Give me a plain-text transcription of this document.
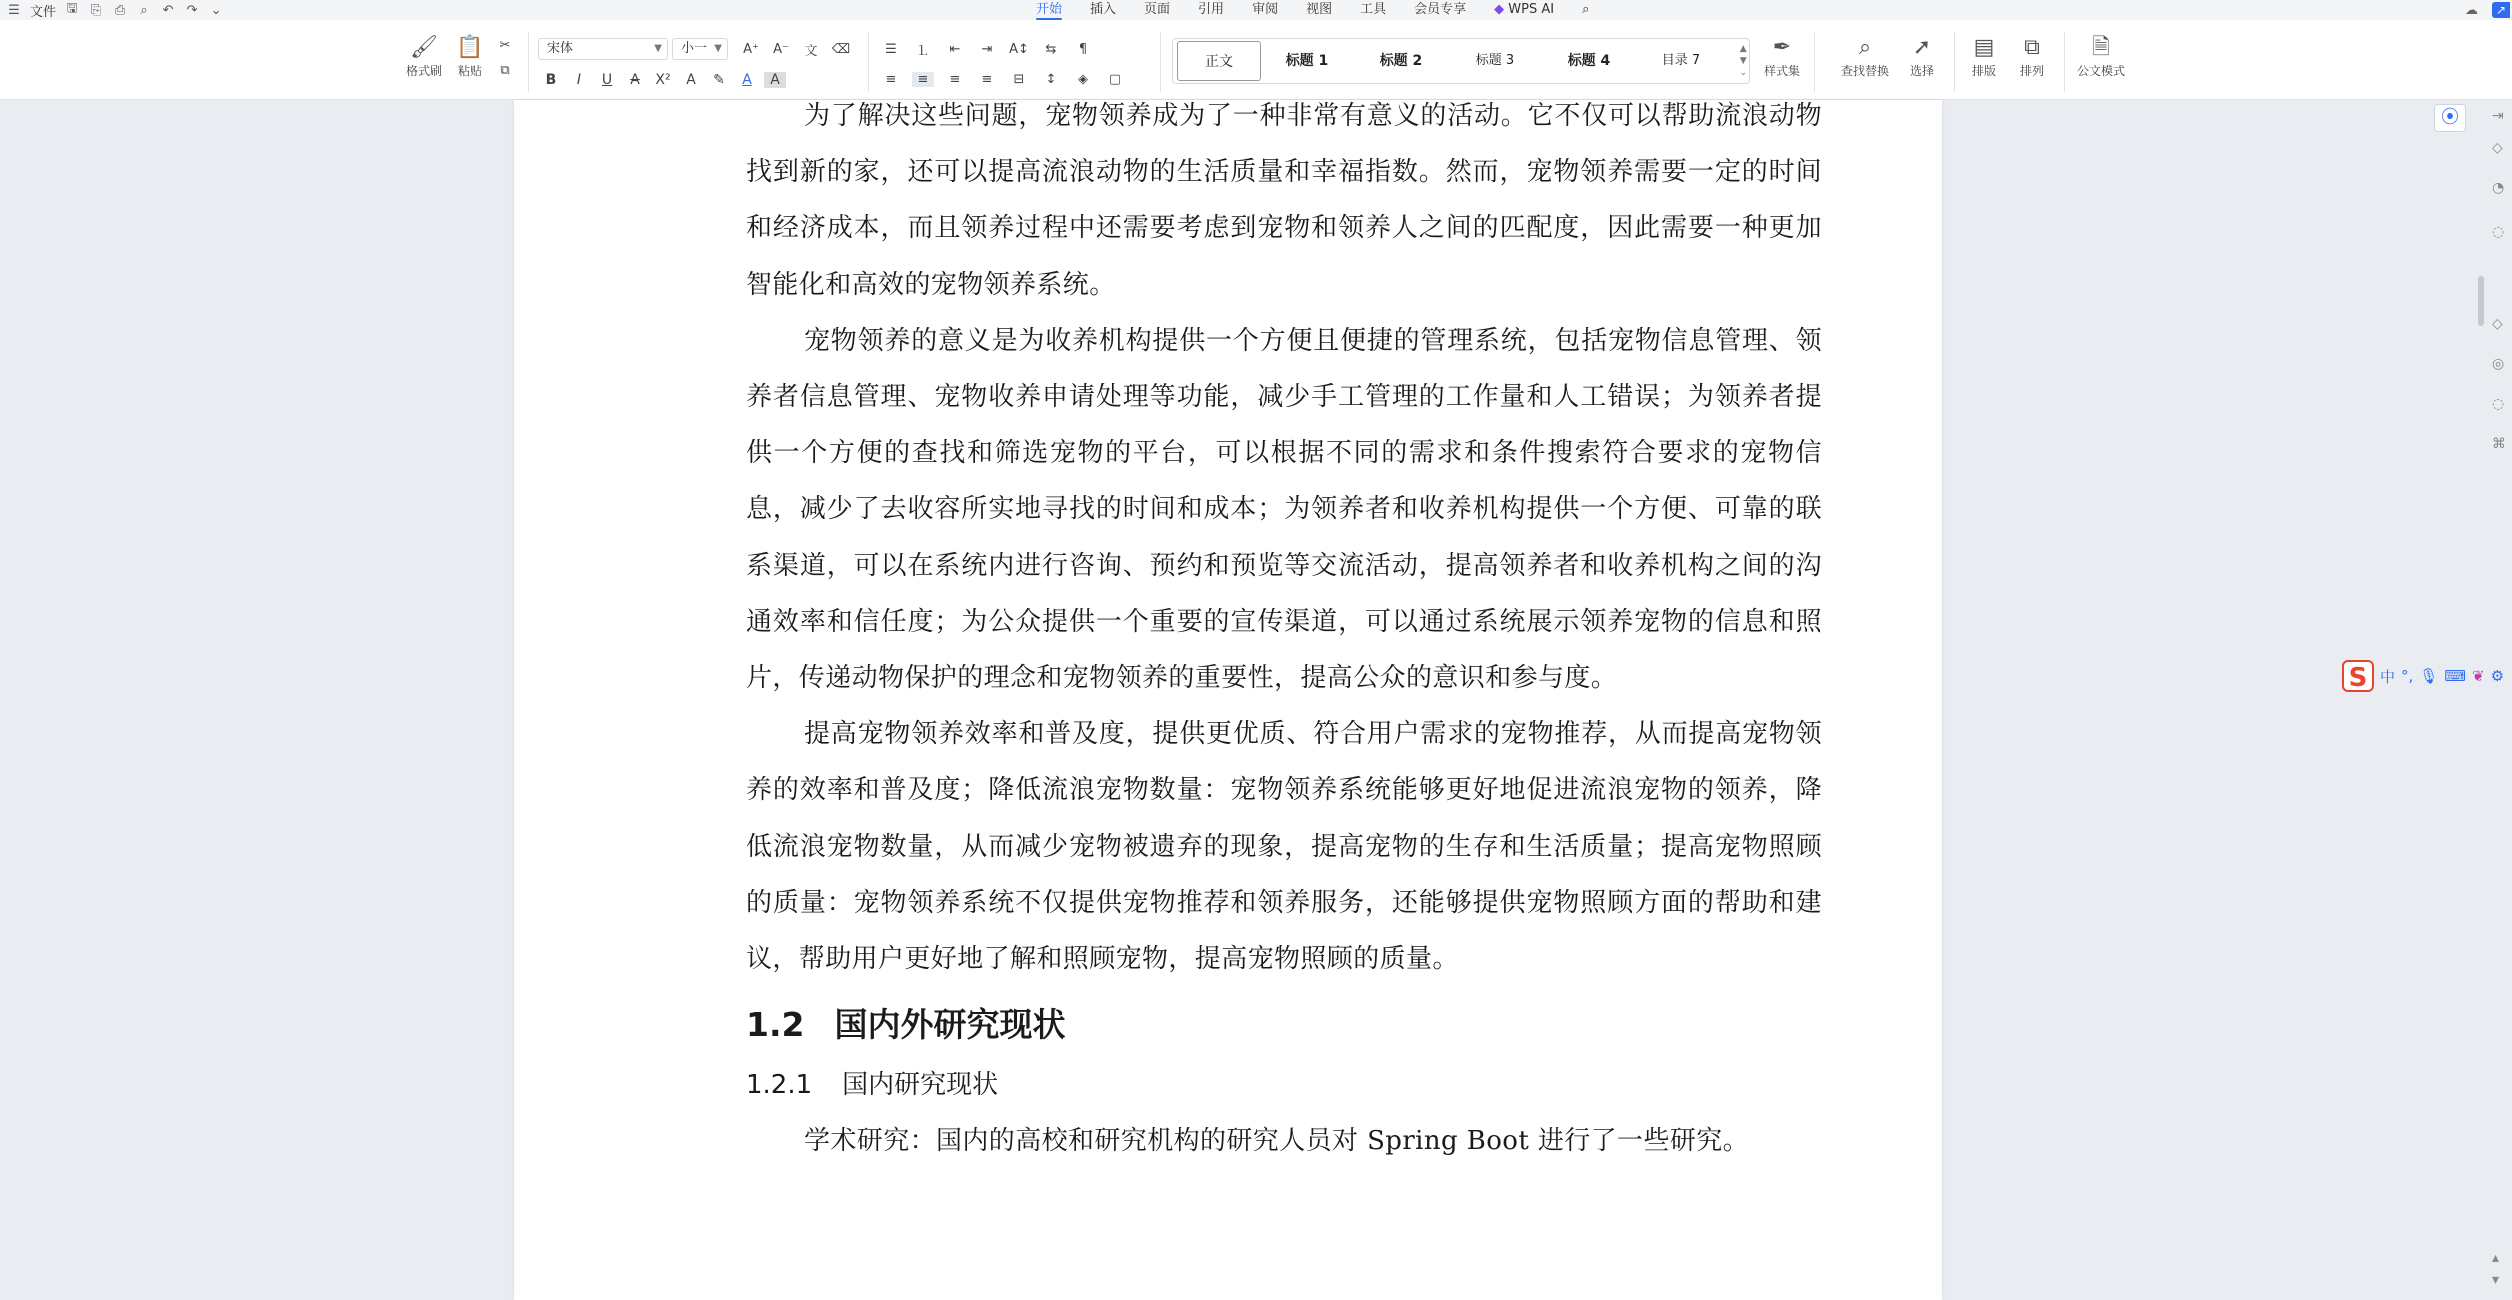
☰ 文件 🖫 ⎘ ⎙	⌕	↶ ↷ ⌄	开始 插入 页面 引用 审阅 视图 工具 会员专享 ◆ WPS AI ⌕	☁	↗
🖌
格式刷
📋
粘贴
✂
⧉
宋体	▼	小一 ▼ A⁺ A⁻	文	⌫
B	I	U	A	X²	A	✎	A	A
☰	⒈	⇤	⇥	A↕	⇆	¶
≡	≡	≡	≡	⊟	↕	◈	▢
正文	标题 1	标题 2	标题 3	标题 4	目录 7
▲
▼
⌄
✒
样式集
⌕
查找替换
➚
选择
▤
排版
⧉
排列
🗎
公文模式

为了解决这些问题，宠物领养成为了一种非常有意义的活动。它不仅可以帮助流浪动物找到新的家，还可以提高流浪动物的生活质量和幸福指数。然而，宠物领养需要一定的时间和经济成本，而且领养过程中还需要考虑到宠物和领养人之间的匹配度，因此需要一种更加智能化和高效的宠物领养系统。

宠物领养的意义是为收养机构提供一个方便且便捷的管理系统，包括宠物信息管理、领养者信息管理、宠物收养申请处理等功能，减少手工管理的工作量和人工错误；为领养者提供一个方便的查找和筛选宠物的平台，可以根据不同的需求和条件搜索符合要求的宠物信息，减少了去收容所实地寻找的时间和成本；为领养者和收养机构提供一个方便、可靠的联系渠道，可以在系统内进行咨询、预约和预览等交流活动，提高领养者和收养机构之间的沟通效率和信任度；为公众提供一个重要的宣传渠道，可以通过系统展示领养宠物的信息和照片，传递动物保护的理念和宠物领养的重要性，提高公众的意识和参与度。

提高宠物领养效率和普及度，提供更优质、符合用户需求的宠物推荐，从而提高宠物领养的效率和普及度；降低流浪宠物数量：宠物领养系统能够更好地促进流浪宠物的领养，降低流浪宠物数量，从而减少宠物被遗弃的现象，提高宠物的生存和生活质量；提高宠物照顾的质量：宠物领养系统不仅提供宠物推荐和领养服务，还能够提供宠物照顾方面的帮助和建议，帮助用户更好地了解和照顾宠物，提高宠物照顾的质量。

1.2 国内外研究现状
1.2.1 国内研究现状

学术研究：国内的高校和研究机构的研究人员对 Spring Boot 进行了一些研究。

⦿	⇥
◇
◔
◌
◇
◎
◌
⌘
▴
▾
S 中 °, 🎙 ⌨ ❦ ⚙
